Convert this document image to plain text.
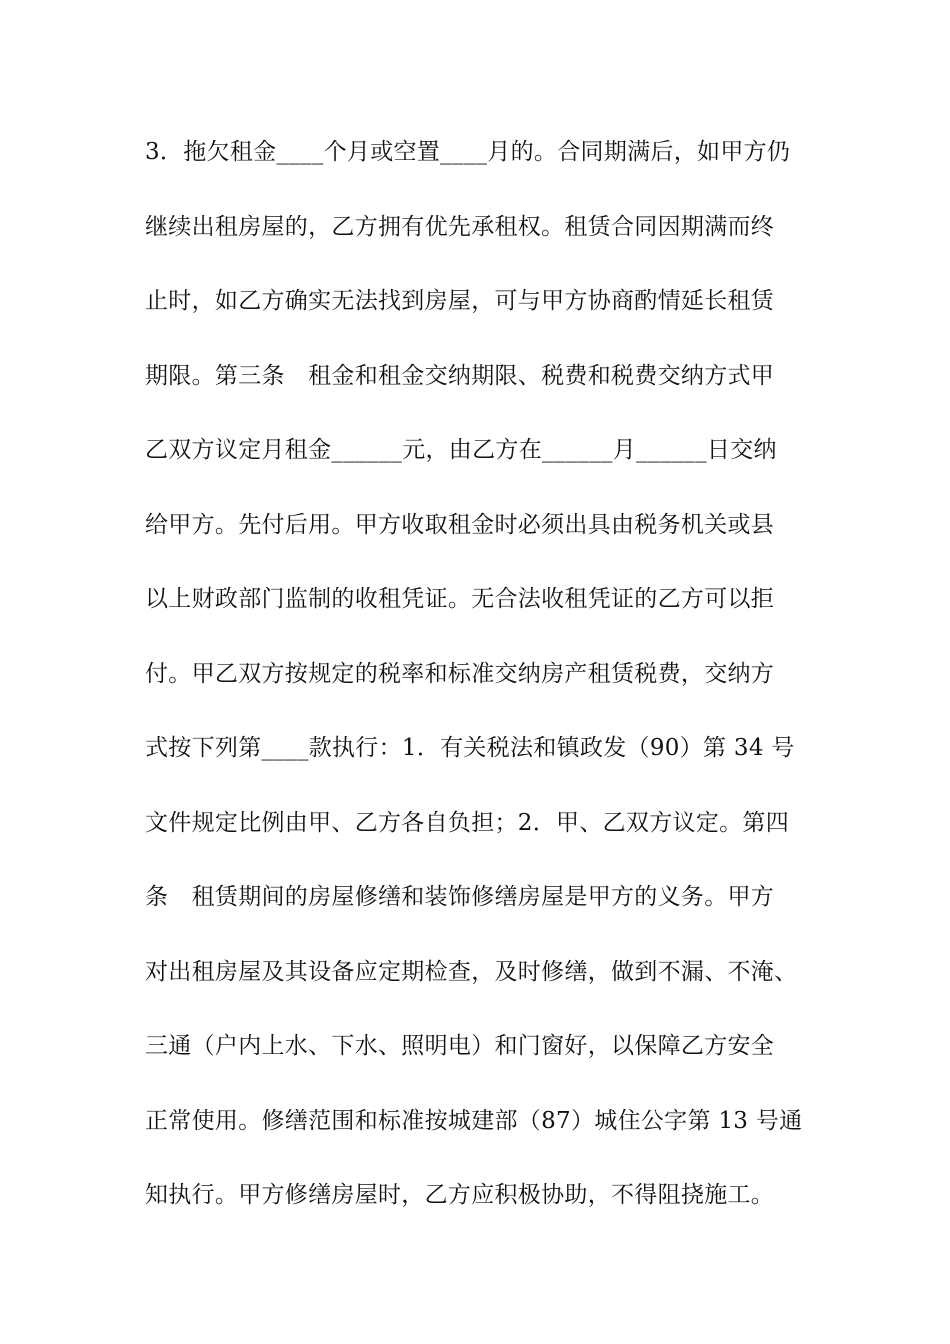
3．拖欠租金____个月或空置____月的。合同期满后，如甲方仍
继续出租房屋的，乙方拥有优先承租权。租赁合同因期满而终
止时，如乙方确实无法找到房屋，可与甲方协商酌情延长租赁
期限。第三条　租金和租金交纳期限、税费和税费交纳方式甲
乙双方议定月租金______元，由乙方在______月______日交纳
给甲方。先付后用。甲方收取租金时必须出具由税务机关或县
以上财政部门监制的收租凭证。无合法收租凭证的乙方可以拒
付。甲乙双方按规定的税率和标准交纳房产租赁税费，交纳方
式按下列第____款执行：1．有关税法和镇政发（90）第 34 号
文件规定比例由甲、乙方各自负担；2．甲、乙双方议定。第四
条　租赁期间的房屋修缮和装饰修缮房屋是甲方的义务。甲方
对出租房屋及其设备应定期检查，及时修缮，做到不漏、不淹、
三通（户内上水、下水、照明电）和门窗好，以保障乙方安全
正常使用。修缮范围和标准按城建部（87）城住公字第 13 号通
知执行。甲方修缮房屋时，乙方应积极协助，不得阻挠施工。
